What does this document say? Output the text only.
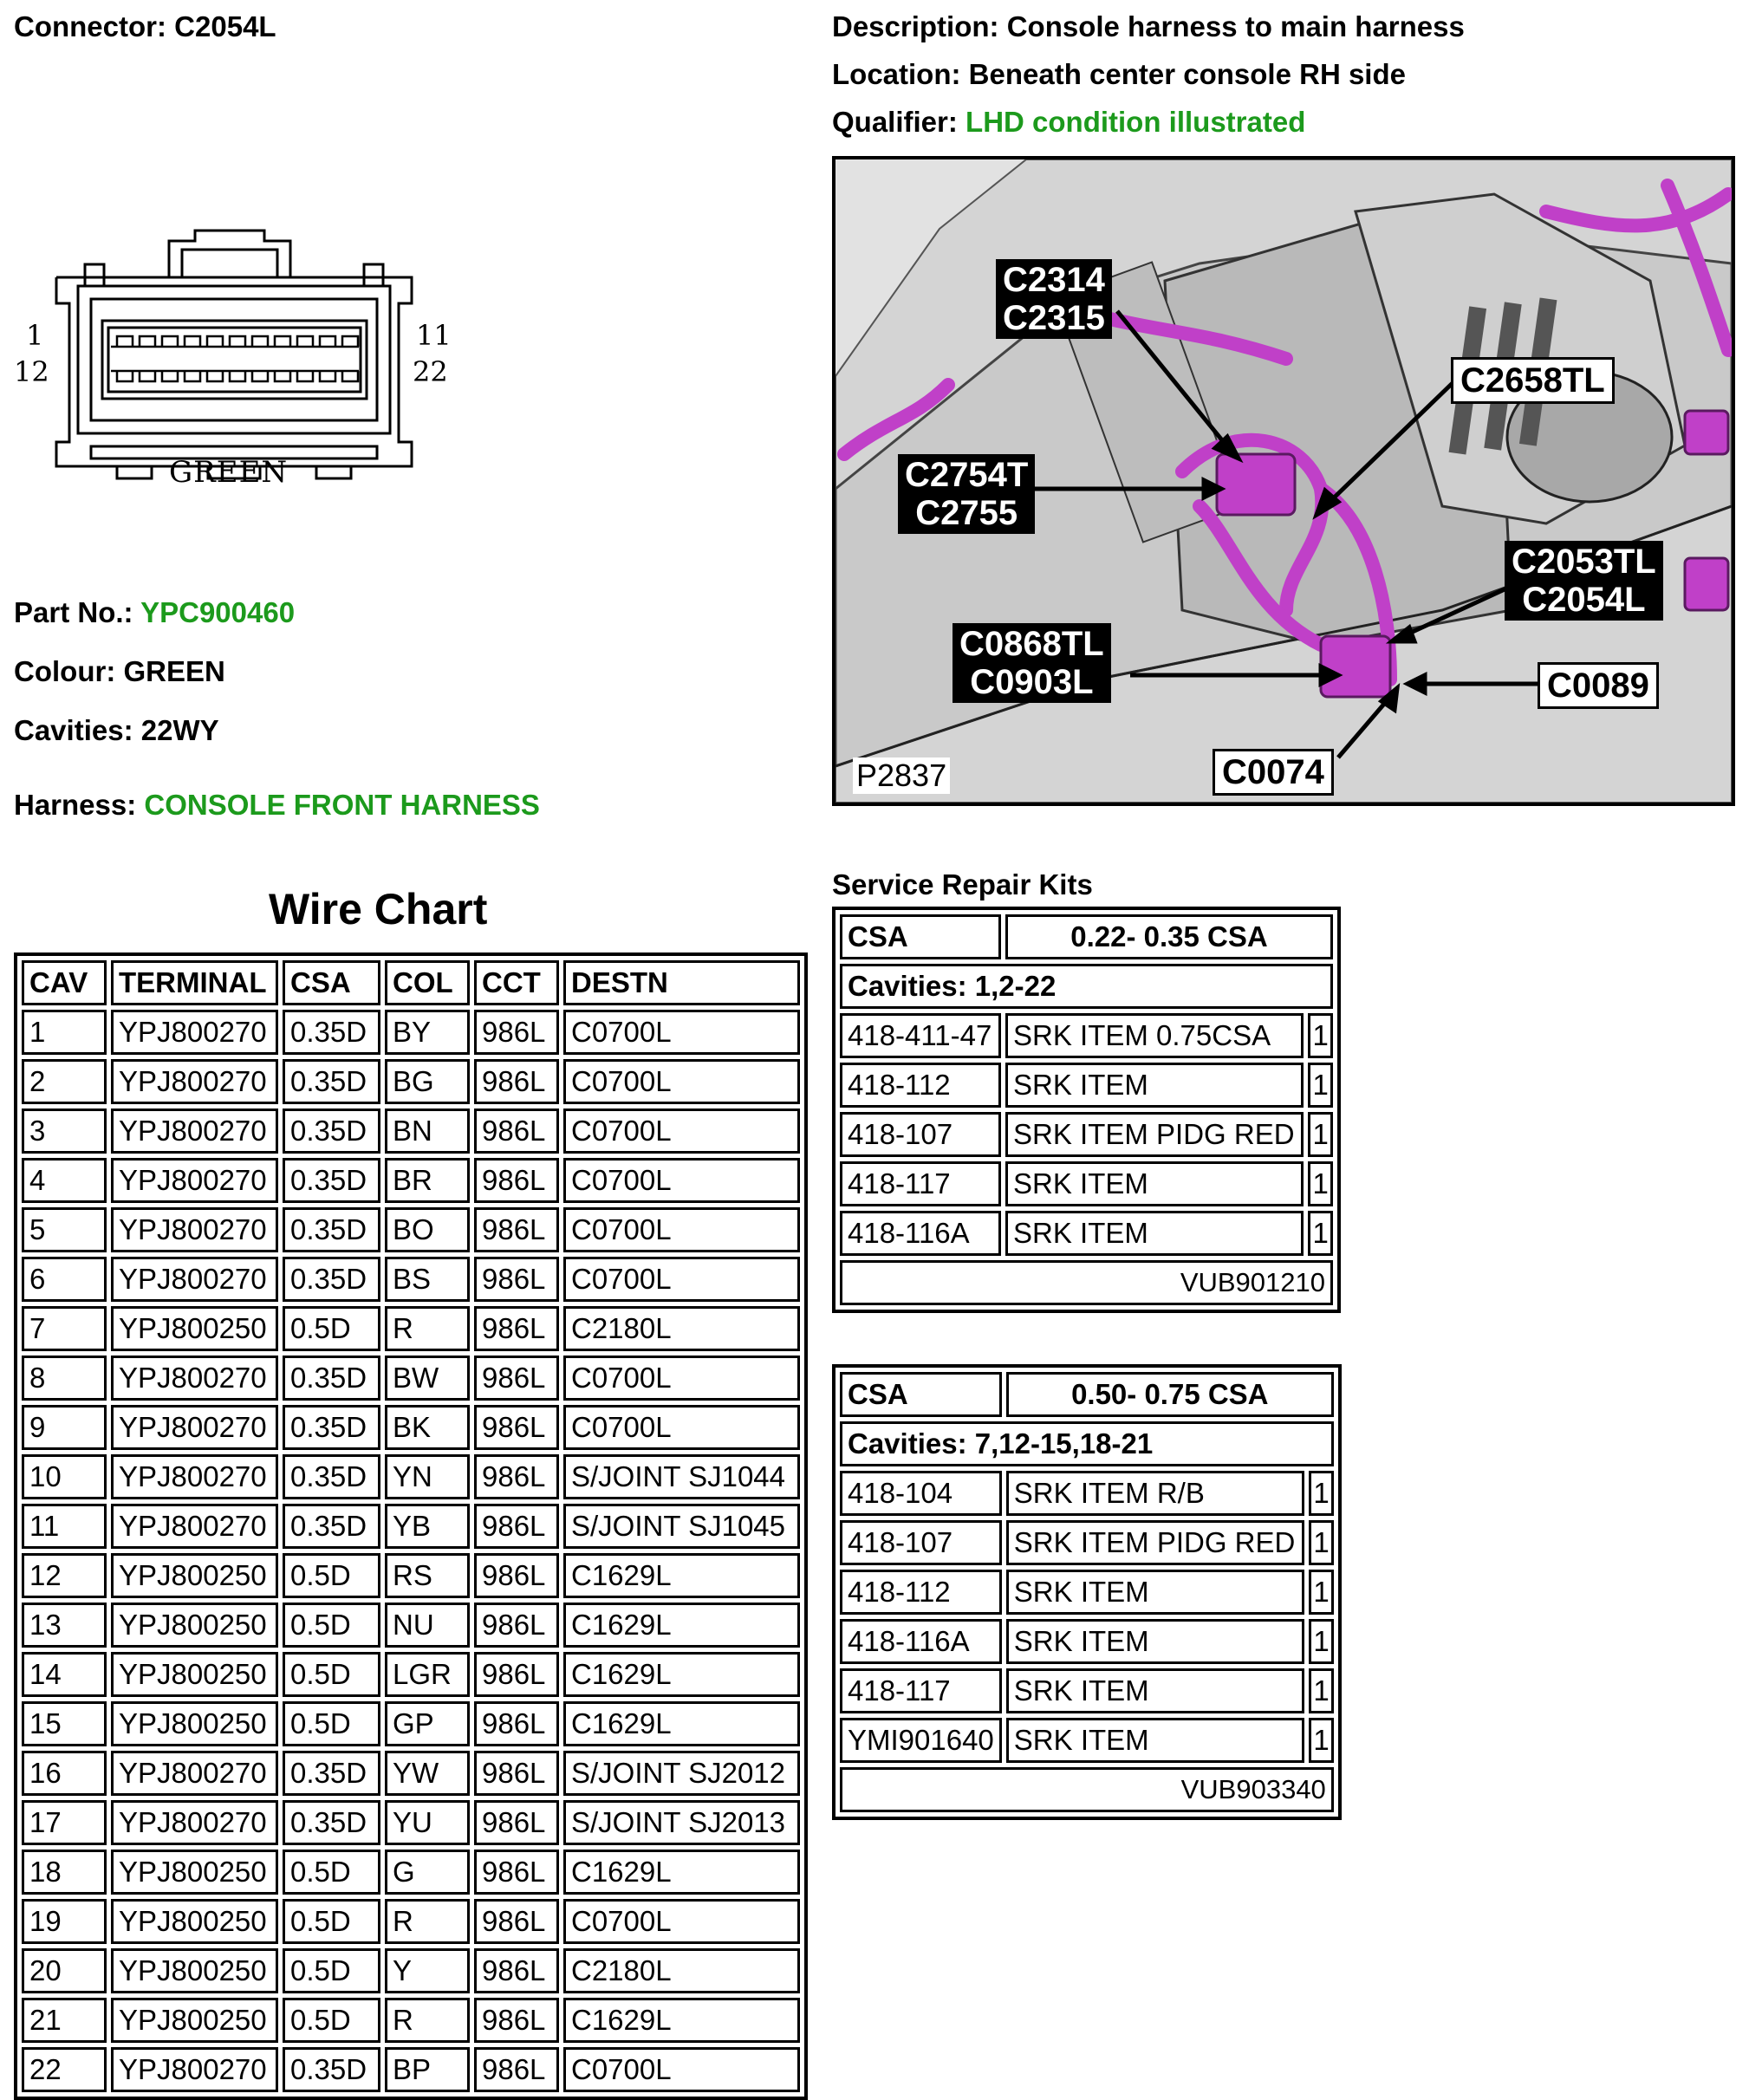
Connector: C2054L	Description: Console harness to main harness
Location: Beneath center console RH side
Qualifier: LHD condition illustrated
1
12
11
22
GREEN
Part No.: YPC900460
Colour: GREEN
Cavities: 22WY
Harness: CONSOLE FRONT HARNESS
C2314
C2315
C2658TL
C2754T
C2755
C2053TL
C2054L
C0868TL
C0903L	C0089
C0074
P2837
Wire Chart
CAV	TERMINAL	CSA	COL	CCT	DESTN
1	YPJ800270	0.35D	BY	986L	C0700L
2	YPJ800270	0.35D	BG	986L	C0700L
3	YPJ800270	0.35D	BN	986L	C0700L
4	YPJ800270	0.35D	BR	986L	C0700L
5	YPJ800270	0.35D	BO	986L	C0700L
6	YPJ800270	0.35D	BS	986L	C0700L
7	YPJ800250	0.5D	R	986L	C2180L
8	YPJ800270	0.35D	BW	986L	C0700L
9	YPJ800270	0.35D	BK	986L	C0700L
10	YPJ800270	0.35D	YN	986L	S/JOINT SJ1044
11	YPJ800270	0.35D	YB	986L	S/JOINT SJ1045
12	YPJ800250	0.5D	RS	986L	C1629L
13	YPJ800250	0.5D	NU	986L	C1629L
14	YPJ800250	0.5D	LGR	986L	C1629L
15	YPJ800250	0.5D	GP	986L	C1629L
16	YPJ800270	0.35D	YW	986L	S/JOINT SJ2012
17	YPJ800270	0.35D	YU	986L	S/JOINT SJ2013
18	YPJ800250	0.5D	G	986L	C1629L
19	YPJ800250	0.5D	R	986L	C0700L
20	YPJ800250	0.5D	Y	986L	C2180L
21	YPJ800250	0.5D	R	986L	C1629L
22	YPJ800270	0.35D	BP	986L	C0700L
Service Repair Kits
CSA	0.22- 0.35 CSA	
Cavities: 1,2-22		
418-411-47	SRK ITEM 0.75CSA	1
418-112	SRK ITEM	1
418-107	SRK ITEM PIDG RED	1
418-117	SRK ITEM	1
418-116A	SRK ITEM	1
VUB901210		
CSA	0.50- 0.75 CSA	
Cavities: 7,12-15,18-21		
418-104	SRK ITEM R/B	1
418-107	SRK ITEM PIDG RED	1
418-112	SRK ITEM	1
418-116A	SRK ITEM	1
418-117	SRK ITEM	1
YMI901640	SRK ITEM	1
VUB903340		
